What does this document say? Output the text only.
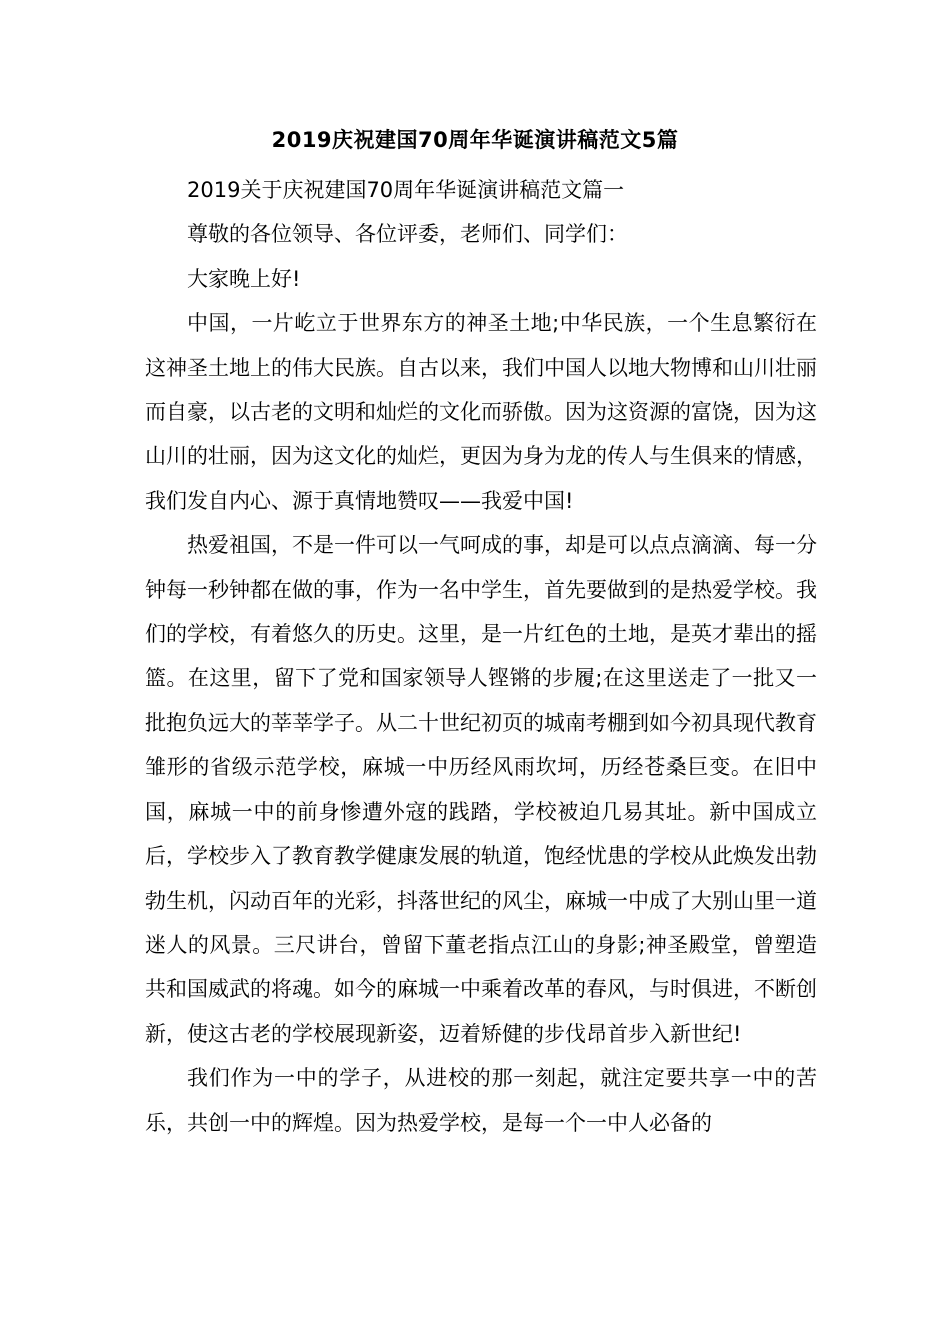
2019庆祝建国70周年华诞演讲稿范文5篇

2019关于庆祝建国70周年华诞演讲稿范文篇一

尊敬的各位领导、各位评委，老师们、同学们：

大家晚上好!

中国，一片屹立于世界东方的神圣土地;中华民族，一个生息繁衍在这神圣土地上的伟大民族。自古以来，我们中国人以地大物博和山川壮丽而自豪，以古老的文明和灿烂的文化而骄傲。因为这资源的富饶，因为这山川的壮丽，因为这文化的灿烂，更因为身为龙的传人与生俱来的情感，我们发自内心、源于真情地赞叹——我爱中国!

热爱祖国，不是一件可以一气呵成的事，却是可以点点滴滴、每一分钟每一秒钟都在做的事，作为一名中学生，首先要做到的是热爱学校。我们的学校，有着悠久的历史。这里，是一片红色的土地，是英才辈出的摇篮。在这里，留下了党和国家领导人铿锵的步履;在这里送走了一批又一批抱负远大的莘莘学子。从二十世纪初页的城南考棚到如今初具现代教育雏形的省级示范学校，麻城一中历经风雨坎坷，历经苍桑巨变。在旧中国，麻城一中的前身惨遭外寇的践踏，学校被迫几易其址。新中国成立后，学校步入了教育教学健康发展的轨道，饱经忧患的学校从此焕发出勃勃生机，闪动百年的光彩，抖落世纪的风尘，麻城一中成了大别山里一道迷人的风景。三尺讲台，曾留下董老指点江山的身影;神圣殿堂，曾塑造共和国威武的将魂。如今的麻城一中乘着改革的春风，与时俱进，不断创新，使这古老的学校展现新姿，迈着矫健的步伐昂首步入新世纪!

我们作为一中的学子，从进校的那一刻起，就注定要共享一中的苦乐，共创一中的辉煌。因为热爱学校，是每一个一中人必备的
